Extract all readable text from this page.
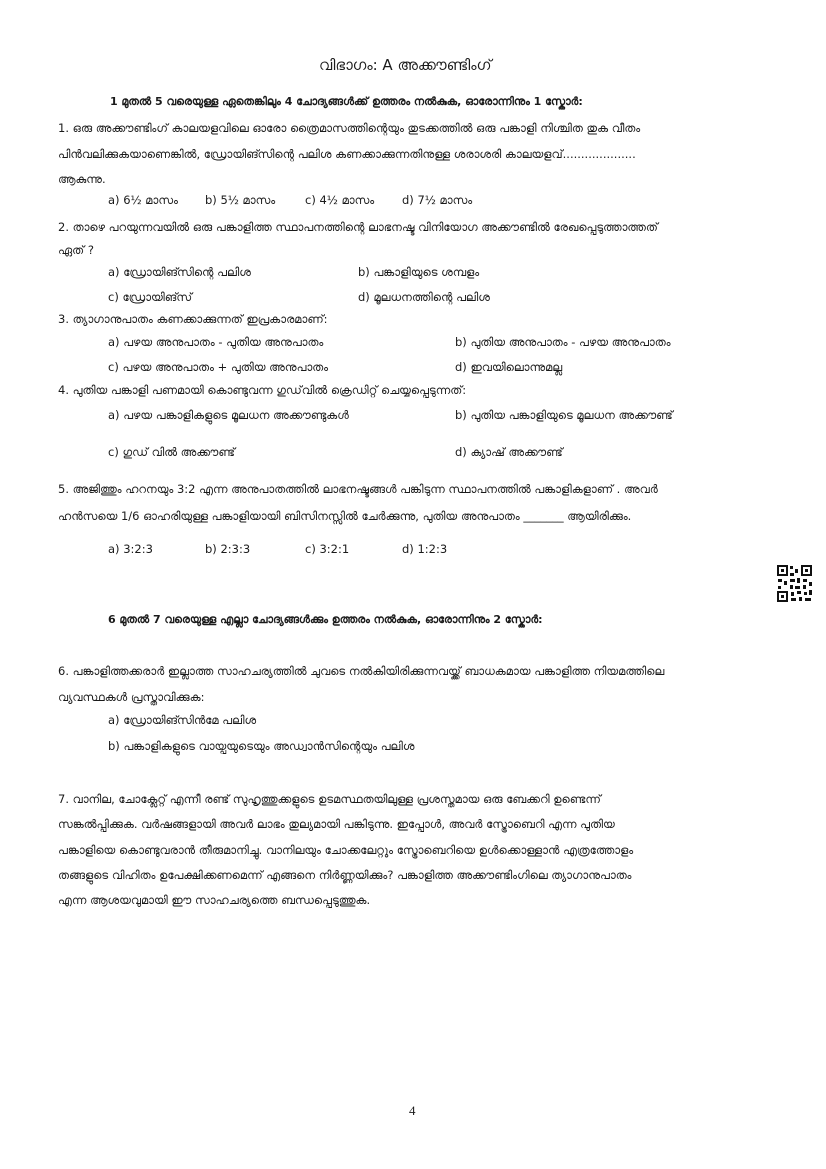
വിഭാഗം: A അക്കൗണ്ടിംഗ്
1 മുതൽ 5 വരെയുള്ള ഏതെങ്കിലും 4 ചോദ്യങ്ങൾക്ക് ഉത്തരം നൽകുക, ഓരോന്നിനും 1 സ്കോർ:
1. ഒരു അക്കൗണ്ടിംഗ് കാലയളവിലെ ഓരോ ത്രൈമാസത്തിന്റെയും തുടക്കത്തിൽ ഒരു പങ്കാളി നിശ്ചിത തുക വീതം
പിൻവലിക്കുകയാണെങ്കിൽ, ഡ്രോയിങ്സിന്റെ പലിശ കണക്കാക്കുന്നതിനുള്ള ശരാശരി കാലയളവ്....................
ആകുന്നു.
a) 6½ മാസം b) 5½ മാസം	c) 4½ മാസം d) 7½ മാസം
2. താഴെ പറയുന്നവയിൽ ഒരു പങ്കാളിത്ത സ്ഥാപനത്തിന്റെ ലാഭനഷ്ട വിനിയോഗ അക്കൗണ്ടിൽ രേഖപ്പെടുത്താത്തത്
ഏത് ?
a) ഡ്രോയിങ്സിന്റെ പലിശ	b) പങ്കാളിയുടെ ശമ്പളം
c) ഡ്രോയിങ്സ്	d) മൂലധനത്തിന്റെ പലിശ
3. ത്യാഗാനുപാതം കണക്കാക്കുന്നത് ഇപ്രകാരമാണ്:
a) പഴയ അനുപാതം - പുതിയ അനുപാതം	b) പുതിയ അനുപാതം - പഴയ അനുപാതം
c) പഴയ അനുപാതം + പുതിയ അനുപാതം	d) ഇവയിലൊന്നുമല്ല
4. പുതിയ പങ്കാളി പണമായി കൊണ്ടുവന്ന ഗുഡ്‌വിൽ ക്രെഡിറ്റ് ചെയ്യപ്പെടുന്നത്:
a) പഴയ പങ്കാളികളുടെ മൂലധന അക്കൗണ്ടുകൾ	b) പുതിയ പങ്കാളിയുടെ മൂലധന അക്കൗണ്ട്
c) ഗുഡ് വിൽ അക്കൗണ്ട്	d) ക്യാഷ് അക്കൗണ്ട്
5. അജിത്തും ഹറനയും 3:2 എന്ന അനുപാതത്തിൽ ലാഭനഷ്ടങ്ങൾ പങ്കിടുന്ന സ്ഥാപനത്തിൽ പങ്കാളികളാണ് . അവർ
ഹൻസയെ 1/6 ഓഹരിയുള്ള പങ്കാളിയായി ബിസിനസ്സിൽ ചേർക്കുന്നു, പുതിയ അനുപാതം _______ ആയിരിക്കും.
a) 3:2:3	b) 2:3:3	c) 3:2:1	d) 1:2:3
6 മുതൽ 7 വരെയുള്ള എല്ലാ ചോദ്യങ്ങൾക്കും ഉത്തരം നൽകുക, ഓരോന്നിനും 2 സ്കോർ:
6. പങ്കാളിത്തക്കരാർ ഇല്ലാത്ത സാഹചര്യത്തിൽ ചുവടെ നൽകിയിരിക്കുന്നവയ്ക്ക് ബാധകമായ പങ്കാളിത്ത നിയമത്തിലെ
വ്യവസ്ഥകൾ പ്രസ്താവിക്കുക:
a) ഡ്രോയിങ്സിൻമേ പലിശ
b) പങ്കാളികളുടെ വായ്പയുടെയും അഡ്വാൻസിന്റെയും പലിശ
7. വാനില, ചോക്ലേറ്റ് എന്നീ രണ്ട് സുഹൃത്തുക്കളുടെ ഉടമസ്ഥതയിലുള്ള പ്രശസ്തമായ ഒരു ബേക്കറി ഉണ്ടെന്ന്
സങ്കൽപ്പിക്കുക. വർഷങ്ങളായി അവർ ലാഭം തുല്യമായി പങ്കിടുന്നു. ഇപ്പോൾ, അവർ സ്ട്രോബെറി എന്ന പുതിയ
പങ്കാളിയെ കൊണ്ടുവരാൻ തീരുമാനിച്ചു. വാനിലയും ചോക്കലേറ്റും സ്ട്രോബെറിയെ ഉൾക്കൊള്ളാൻ എത്രത്തോളം
തങ്ങളുടെ വിഹിതം ഉപേക്ഷിക്കണമെന്ന് എങ്ങനെ നിർണ്ണയിക്കും? പങ്കാളിത്ത അക്കൗണ്ടിംഗിലെ ത്യാഗാനുപാതം
എന്ന ആശയവുമായി ഈ സാഹചര്യത്തെ ബന്ധപ്പെടുത്തുക.
4
